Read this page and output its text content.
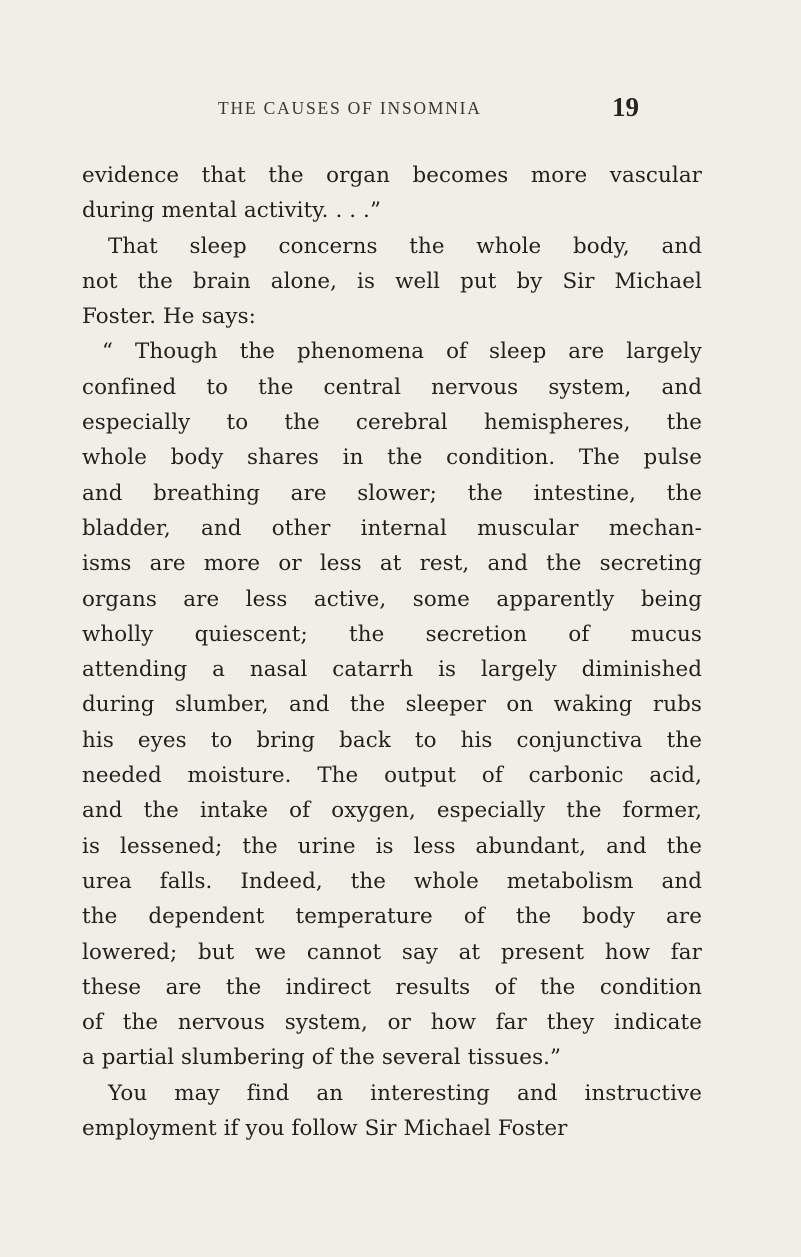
THE CAUSES OF INSOMNIA	19
evidence that the organ becomes more vascular
during mental activity. . . .”
That sleep concerns the whole body, and
not the brain alone, is well put by Sir Michael
Foster. He says:
“ Though the phenomena of sleep are largely
confined to the central nervous system, and
especially to the cerebral hemispheres, the
whole body shares in the condition. The pulse
and breathing are slower; the intestine, the
bladder, and other internal muscular mechan-
isms are more or less at rest, and the secreting
organs are less active, some apparently being
wholly quiescent; the secretion of mucus
attending a nasal catarrh is largely diminished
during slumber, and the sleeper on waking rubs
his eyes to bring back to his conjunctiva the
needed moisture. The output of carbonic acid,
and the intake of oxygen, especially the former,
is lessened; the urine is less abundant, and the
urea falls. Indeed, the whole metabolism and
the dependent temperature of the body are
lowered; but we cannot say at present how far
these are the indirect results of the condition
of the nervous system, or how far they indicate
a partial slumbering of the several tissues.”
You may find an interesting and instructive
employment if you follow Sir Michael Foster
